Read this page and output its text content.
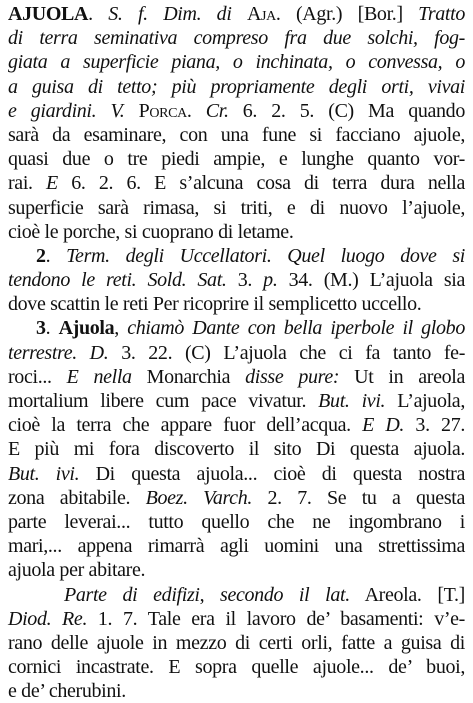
AJUOLA. S. f. Dim. di Aja. (Agr.) [Bor.] Tratto
di terra seminativa compreso fra due solchi, fog-
giata a superficie piana, o inchinata, o convessa, o
a guisa di tetto; più propriamente degli orti, vivai
e giardini. V. Porca. Cr. 6. 2. 5. (C) Ma quando
sarà da esaminare, con una fune si facciano ajuole,
quasi due o tre piedi ampie, e lunghe quanto vor-
rai. E 6. 2. 6. E s’alcuna cosa di terra dura nella
superficie sarà rimasa, si triti, e di nuovo l’ajuole,
cioè le porche, si cuoprano di letame.
2. Term. degli Uccellatori. Quel luogo dove si
tendono le reti. Sold. Sat. 3. p. 34. (M.) L’ajuola sia
dove scattin le reti Per ricoprire il semplicetto uccello.
3. Ajuola, chiamò Dante con bella iperbole il globo
terrestre. D. 3. 22. (C) L’ajuola che ci fa tanto fe-
roci... E nella Monarchia disse pure: Ut in areola
mortalium libere cum pace vivatur. But. ivi. L’ajuola,
cioè la terra che appare fuor dell’acqua. E D. 3. 27.
E più mi fora discoverto il sito Di questa ajuola.
But. ivi. Di questa ajuola... cioè di questa nostra
zona abitabile. Boez. Varch. 2. 7. Se tu a questa
parte leverai... tutto quello che ne ingombrano i
mari,... appena rimarrà agli uomini una strettissima
ajuola per abitare.
Parte di edifizi, secondo il lat. Areola. [T.]
Diod. Re. 1. 7. Tale era il lavoro de’ basamenti: v’e-
rano delle ajuole in mezzo di certi orli, fatte a guisa di
cornici incastrate. E sopra quelle ajuole... de’ buoi,
e de’ cherubini.
